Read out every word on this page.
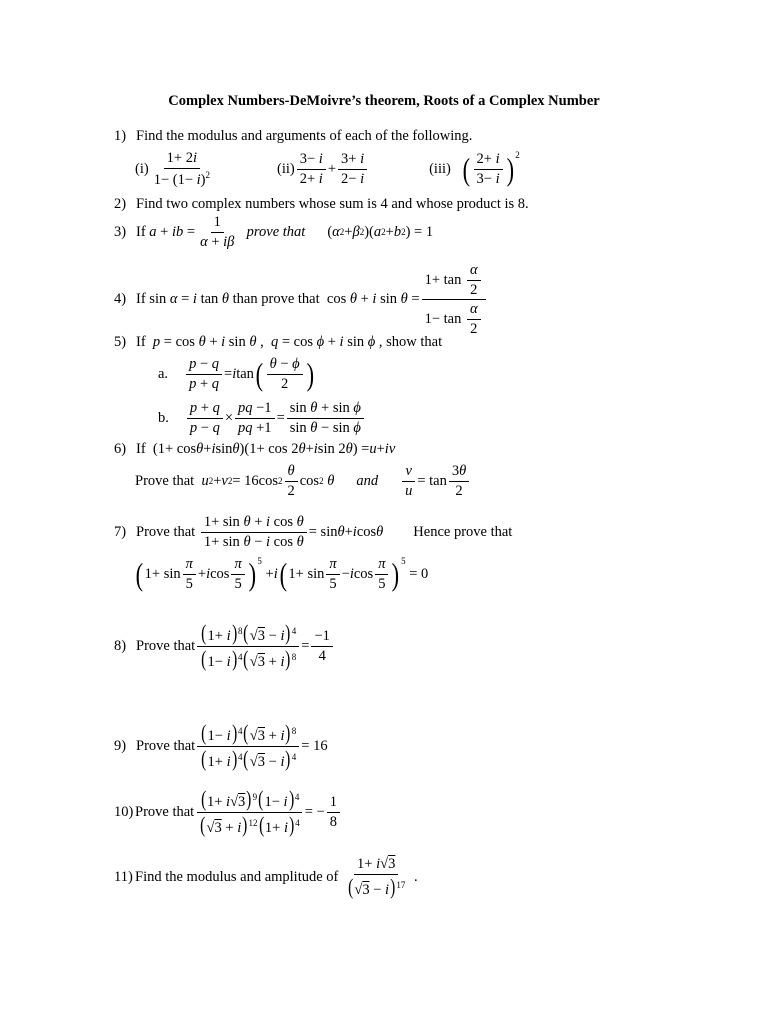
Complex Numbers-DeMoivre’s theorem, Roots of a Complex Number
1) Find the modulus and arguments of each of the following.
(i)
1+ 2i
$1- (1- i)^2$	(ii)
3− i
2+ i
+
3+ i
2− i
(iii) ( 2+ i
3− i ) 2
2) Find two complex numbers whose sum is 4 and whose product is 8.
3) If
a + ib =
1
α + iβ

prove that ( α 2 + β 2 )( a 2 + b 2 ) = 1
4) If sin α = i tan θ
than prove that cos θ + i sin θ =
1+ tan
α
2
1− tan
α
2
5) If
p = cos θ + i sin θ , q = cos ϕ + i sin ϕ
, show that
a.
p − q
p + q
= i tan ( θ − ϕ
2 )
b.
p + q
p − q
×
pq −1
pq +1
=
sin θ + sin ϕ
sin θ − sin ϕ
6) If (1+ cos θ + i sin θ )(1+ cos 2 θ + i sin 2 θ ) = u + iv
Prove that
u 2 + v 2 = 16cos 2
θ
2
cos 2
θ and
v
u
= tan
3θ
2
7) Prove that

1+ sin θ + i cos θ
1+ sin θ − i cos θ
= sin θ + i cos θ Hence prove that
( 1+ sin
π
5
+ i cos
π
5 ) 5
+ i ( 1+ sin
π
5
− i cos
π
5 ) 5
= 0
8) Prove that
$(1+ i)^8(√3 - i)^4$
$(1- i)^4(√3 + i)^8$
=
−1
4
9) Prove that
$(1- i)^4(√3 + i)^8$
$(1+ i)^4(√3 - i)^4$
= 16
10) Prove that
$(1+ i√3)^9(1- i)^4$
$(√3 + i)^{12}(1+ i)^4$
= −
1
8
11) Find the modulus and amplitude of

1+ i√3
$(√3 - i)^{17}$
.
